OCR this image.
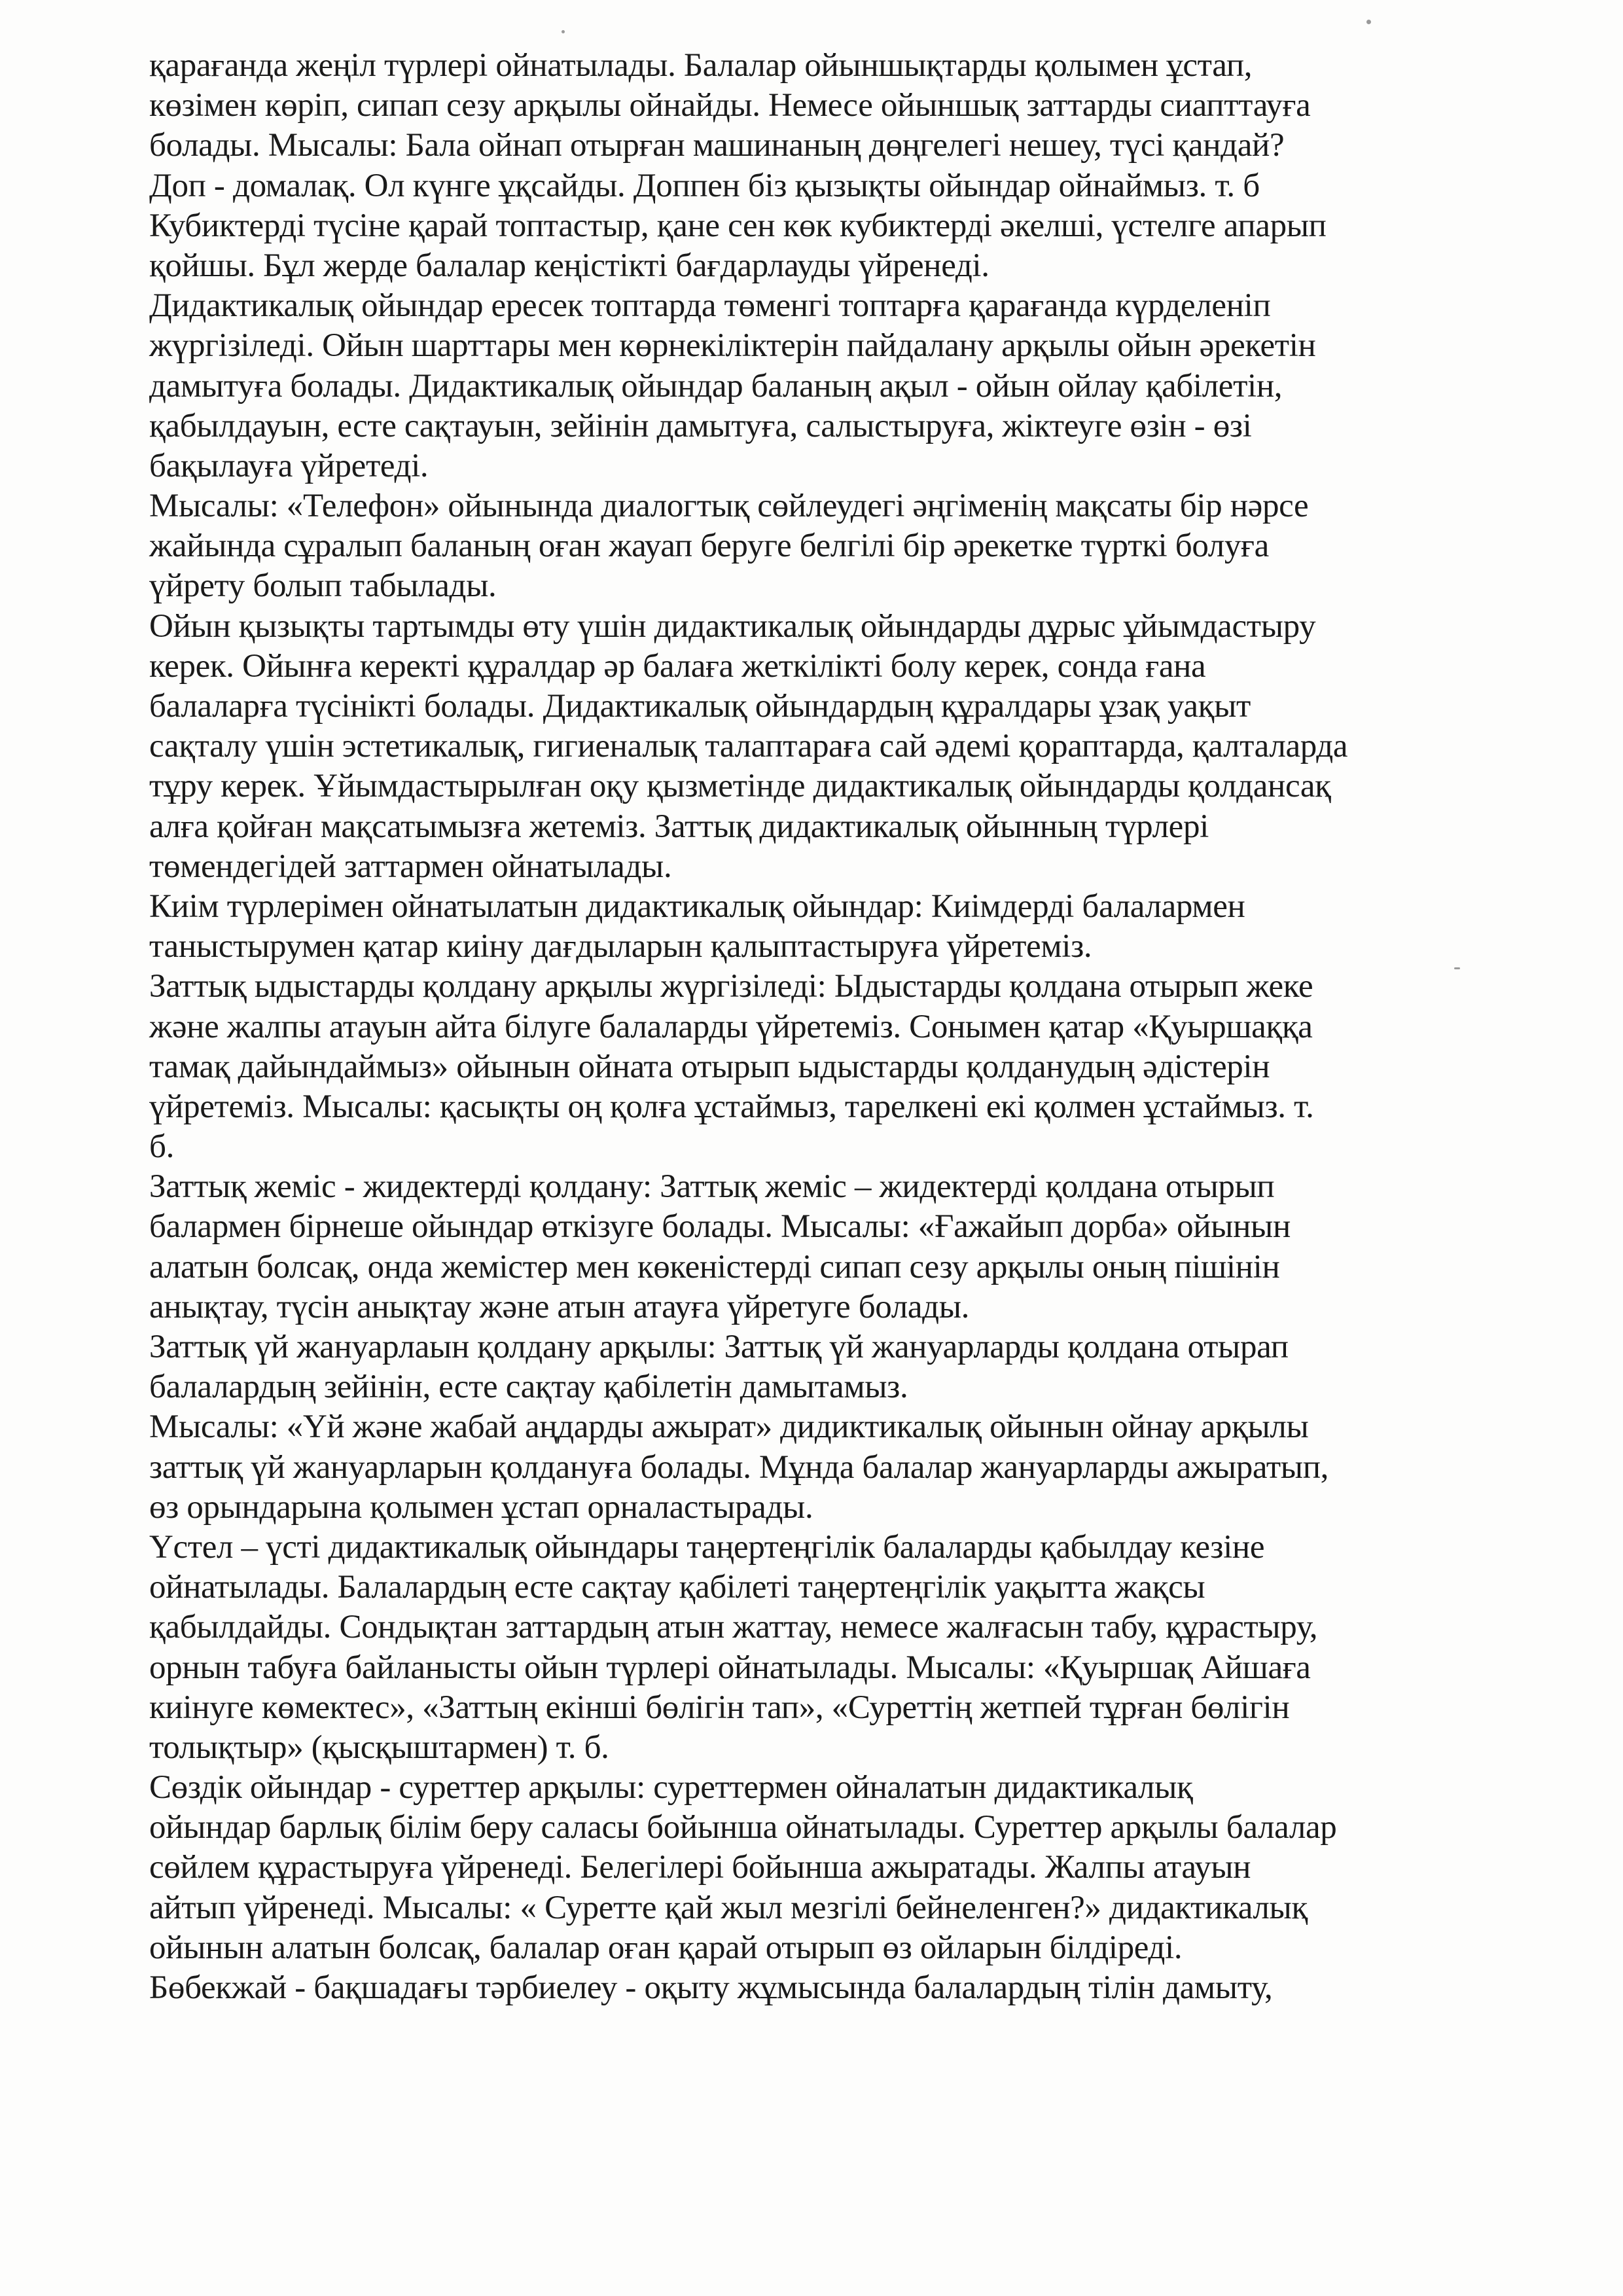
қарағанда жеңіл түрлері ойнатылады. Балалар ойыншықтарды қолымен ұстап,
көзімен көріп, сипап сезу арқылы ойнайды. Немесе ойыншық заттарды сиапттауға
болады. Мысалы: Бала ойнап отырған машинаның дөңгелегі нешеу, түсі қандай?
Доп - домалақ. Ол күнге ұқсайды. Доппен біз қызықты ойындар ойнаймыз. т. б
Кубиктерді түсіне қарай топтастыр, қане сен көк кубиктерді әкелші, үстелге апарып
қойшы. Бұл жерде балалар кеңістікті бағдарлауды үйренеді.
Дидактикалық ойындар ересек топтарда төменгі топтарға қарағанда күрделеніп
жүргізіледі. Ойын шарттары мен көрнекіліктерін пайдалану арқылы ойын әрекетін
дамытуға болады. Дидактикалық ойындар баланың ақыл - ойын ойлау қабілетін,
қабылдауын, есте сақтауын, зейінін дамытуға, салыстыруға, жіктеуге өзін - өзі
бақылауға үйретеді.
Мысалы: «Телефон» ойынында диалогтық сөйлеудегі әңгіменің мақсаты бір нәрсе
жайында сұралып баланың оған жауап беруге белгілі бір әрекетке түрткі болуға
үйрету болып табылады.
Ойын қызықты тартымды өту үшін дидактикалық ойындарды дұрыс ұйымдастыру
керек. Ойынға керекті құралдар әр балаға жеткілікті болу керек, сонда ғана
балаларға түсінікті болады. Дидактикалық ойындардың құралдары ұзақ уақыт
сақталу үшін эстетикалық, гигиеналық талаптараға сай әдемі қораптарда, қалталарда
тұру керек. Ұйымдастырылған оқу қызметінде дидактикалық ойындарды қолдансақ
алға қойған мақсатымызға жетеміз. Заттық дидактикалық ойынның түрлері
төмендегідей заттармен ойнатылады.
Киім түрлерімен ойнатылатын дидактикалық ойындар: Киімдерді балалармен
таныстырумен қатар киіну дағдыларын қалыптастыруға үйретеміз.
Заттық ыдыстарды қолдану арқылы жүргізіледі: Ыдыстарды қолдана отырып жеке
және жалпы атауын айта білуге балаларды үйретеміз. Сонымен қатар «Қуыршаққа
тамақ дайындаймыз» ойынын ойната отырып ыдыстарды қолданудың әдістерін
үйретеміз. Мысалы: қасықты оң қолға ұстаймыз, тарелкені екі қолмен ұстаймыз. т.
б.
Заттық жеміс - жидектерді қолдану: Заттық жеміс – жидектерді қолдана отырып
балармен бірнеше ойындар өткізуге болады. Мысалы: «Ғажайып дорба» ойынын
алатын болсақ, онда жемістер мен көкеністерді сипап сезу арқылы оның пішінін
анықтау, түсін анықтау және атын атауға үйретуге болады.
Заттық үй жануарлаын қолдану арқылы: Заттық үй жануарларды қолдана отырап
балалардың зейінін, есте сақтау қабілетін дамытамыз.
Мысалы: «Үй және жабай аңдарды ажырат» дидиктикалық ойынын ойнау арқылы
заттық үй жануарларын қолдануға болады. Мұнда балалар жануарларды ажыратып,
өз орындарына қолымен ұстап орналастырады.
Үстел – үсті дидактикалық ойындары таңертеңгілік балаларды қабылдау кезіне
ойнатылады. Балалардың есте сақтау қабілеті таңертеңгілік уақытта жақсы
қабылдайды. Сондықтан заттардың атын жаттау, немесе жалғасын табу, құрастыру,
орнын табуға байланысты ойын түрлері ойнатылады. Мысалы: «Қуыршақ Айшаға
киінуге көмектес», «Заттың екінші бөлігін тап», «Суреттің жетпей тұрған бөлігін
толықтыр» (қысқыштармен) т. б.
Сөздік ойындар - суреттер арқылы: суреттермен ойналатын дидактикалық
ойындар барлық білім беру саласы бойынша ойнатылады. Суреттер арқылы балалар
сөйлем құрастыруға үйренеді. Белегілері бойынша ажыратады. Жалпы атауын
айтып үйренеді. Мысалы: « Суретте қай жыл мезгілі бейнеленген?» дидактикалық
ойынын алатын болсақ, балалар оған қарай отырып өз ойларын білдіреді.
Бөбекжай - бақшадағы тәрбиелеу - оқыту жұмысында балалардың тілін дамыту,
